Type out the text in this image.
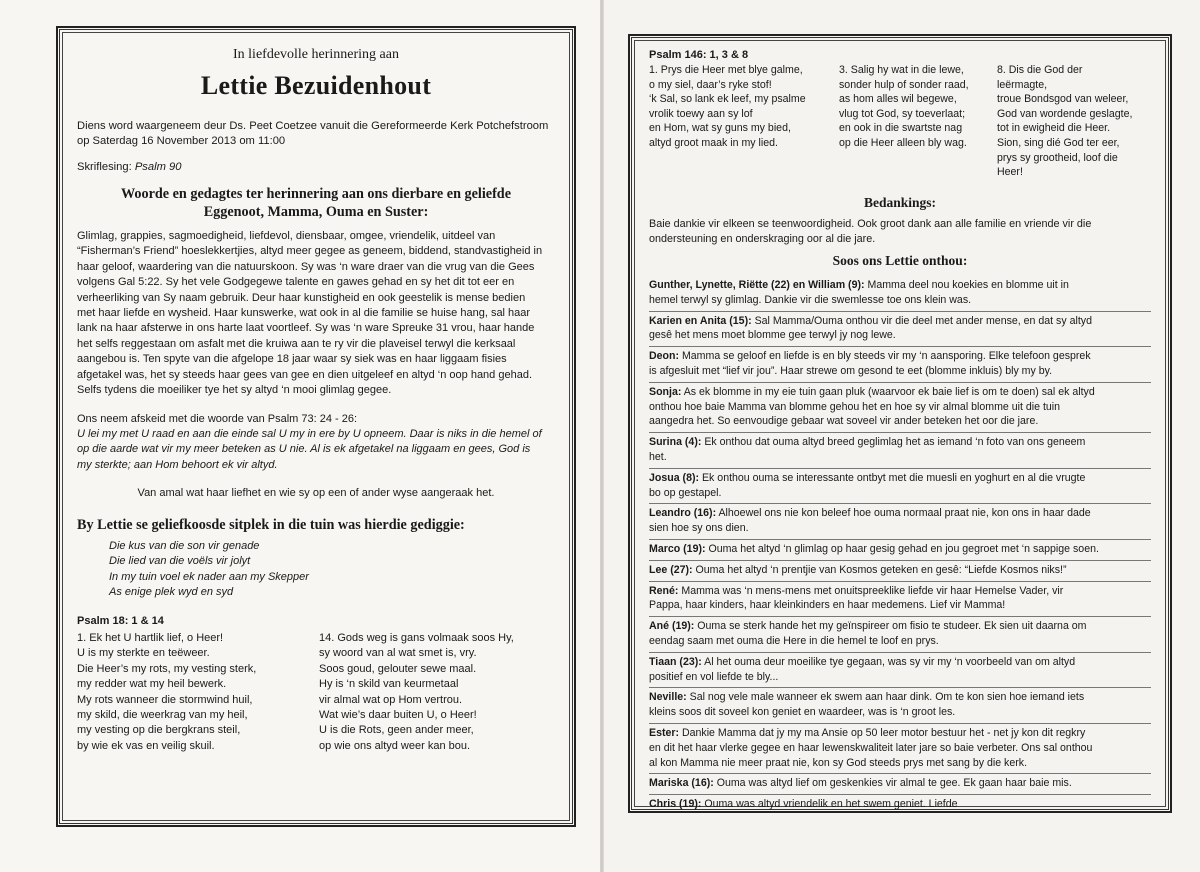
In liefdevolle herinnering aan
Lettie Bezuidenhout
Diens word waargeneem deur Ds. Peet Coetzee vanuit die Gereformeerde Kerk Potchefstroom
op Saterdag 16 November 2013 om 11:00
Skriflesing: Psalm 90
Woorde en gedagtes ter herinnering aan ons dierbare en geliefde
Eggenoot, Mamma, Ouma en Suster:
Glimlag, grappies, sagmoedigheid, liefdevol, diensbaar, omgee, vriendelik, uitdeel van
“Fisherman’s Friend” hoeslekkertjies, altyd meer gegee as geneem, biddend, standvastigheid in
haar geloof, waardering van die natuurskoon. Sy was ‘n ware draer van die vrug van die Gees
volgens Gal 5:22. Sy het vele Godgegewe talente en gawes gehad en sy het dit tot eer en
verheerliking van Sy naam gebruik. Deur haar kunstigheid en ook geestelik is mense bedien
met haar liefde en wysheid. Haar kunswerke, wat ook in al die familie se huise hang, sal haar
lank na haar afsterwe in ons harte laat voortleef. Sy was ‘n ware Spreuke 31 vrou, haar hande
het selfs reggestaan om asfalt met die kruiwa aan te ry vir die plaveisel terwyl die kerksaal
aangebou is. Ten spyte van die afgelope 18 jaar waar sy siek was en haar liggaam fisies
afgetakel was, het sy steeds haar gees van gee en dien uitgeleef en altyd ‘n oop hand gehad.
Selfs tydens die moeiliker tye het sy altyd ‘n mooi glimlag gegee.
Ons neem afskeid met die woorde van Psalm 73: 24 - 26:
U lei my met U raad en aan die einde sal U my in ere by U opneem. Daar is niks in die hemel of
op die aarde wat vir my meer beteken as U nie. Al is ek afgetakel na liggaam en gees, God is
my sterkte; aan Hom behoort ek vir altyd.
Van amal wat haar liefhet en wie sy op een of ander wyse aangeraak het.
By Lettie se geliefkoosde sitplek in die tuin was hierdie gediggie:
Die kus van die son vir genade
Die lied van die voëls vir jolyt
In my tuin voel ek nader aan my Skepper
As enige plek wyd en syd
Psalm 18: 1 & 14
1. Ek het U hartlik lief, o Heer!
U is my sterkte en teëweer.
Die Heer’s my rots, my vesting sterk,
my redder wat my heil bewerk.
My rots wanneer die stormwind huil,
my skild, die weerkrag van my heil,
my vesting op die bergkrans steil,
by wie ek vas en veilig skuil.
14. Gods weg is gans volmaak soos Hy,
sy woord van al wat smet is, vry.
Soos goud, gelouter sewe maal.
Hy is ‘n skild van keurmetaal
vir almal wat op Hom vertrou.
Wat wie’s daar buiten U, o Heer!
U is die Rots, geen ander meer,
op wie ons altyd weer kan bou.
Psalm 146: 1, 3 & 8
1. Prys die Heer met blye galme,
o my siel, daar’s ryke stof!
‘k Sal, so lank ek leef, my psalme
vrolik toewy aan sy lof
en Hom, wat sy guns my bied,
altyd groot maak in my lied.
3. Salig hy wat in die lewe,
sonder hulp of sonder raad,
as hom alles wil begewe,
vlug tot God, sy toeverlaat;
en ook in die swartste nag
op die Heer alleen bly wag.
8. Dis die God der
leërmagte,
troue Bondsgod van weleer,
God van wordende geslagte,
tot in ewigheid die Heer.
Sion, sing dié God ter eer,
prys sy grootheid, loof die
Heer!
Bedankings:
Baie dankie vir elkeen se teenwoordigheid. Ook groot dank aan alle familie en vriende vir die
ondersteuning en onderskraging oor al die jare.
Soos ons Lettie onthou:
Gunther, Lynette, Riëtte (22) en William (9): Mamma deel nou koekies en blomme uit in
hemel terwyl sy glimlag. Dankie vir die swemlesse toe ons klein was.
Karien en Anita (15): Sal Mamma/Ouma onthou vir die deel met ander mense, en dat sy altyd
gesê het mens moet blomme gee terwyl jy nog lewe.
Deon: Mamma se geloof en liefde is en bly steeds vir my ‘n aansporing. Elke telefoon gesprek
is afgesluit met “lief vir jou”. Haar strewe om gesond te eet (blomme inkluis) bly my by.
Sonja: As ek blomme in my eie tuin gaan pluk (waarvoor ek baie lief is om te doen) sal ek altyd
onthou hoe baie Mamma van blomme gehou het en hoe sy vir almal blomme uit die tuin
aangedra het. So eenvoudige gebaar wat soveel vir ander beteken het oor die jare.
Surina (4): Ek onthou dat ouma altyd breed geglimlag het as iemand ‘n foto van ons geneem
het.
Josua (8): Ek onthou ouma se interessante ontbyt met die muesli en yoghurt en al die vrugte
bo op gestapel.
Leandro (16): Alhoewel ons nie kon beleef hoe ouma normaal praat nie, kon ons in haar dade
sien hoe sy ons dien.
Marco (19): Ouma het altyd ‘n glimlag op haar gesig gehad en jou gegroet met ‘n sappige soen.
Lee (27): Ouma het altyd ‘n prentjie van Kosmos geteken en gesê: “Liefde Kosmos niks!”
René: Mamma was ‘n mens-mens met onuitspreeklike liefde vir haar Hemelse Vader, vir
Pappa, haar kinders, haar kleinkinders en haar medemens. Lief vir Mamma!
Ané (19): Ouma se sterk hande het my geïnspireer om fisio te studeer. Ek sien uit daarna om
eendag saam met ouma die Here in die hemel te loof en prys.
Tiaan (23): Al het ouma deur moeilike tye gegaan, was sy vir my ‘n voorbeeld van om altyd
positief en vol liefde te bly...
Neville: Sal nog vele male wanneer ek swem aan haar dink. Om te kon sien hoe iemand iets
kleins soos dit soveel kon geniet en waardeer, was is ‘n groot les.
Ester: Dankie Mamma dat jy my ma Ansie op 50 leer motor bestuur het - net jy kon dit regkry
en dit het haar vlerke gegee en haar lewenskwaliteit later jare so baie verbeter. Ons sal onthou
al kon Mamma nie meer praat nie, kon sy God steeds prys met sang by die kerk.
Mariska (16): Ouma was altyd lief om geskenkies vir almal te gee. Ek gaan haar baie mis.
Chris (19): Ouma was altyd vriendelik en het swem geniet. Liefde
